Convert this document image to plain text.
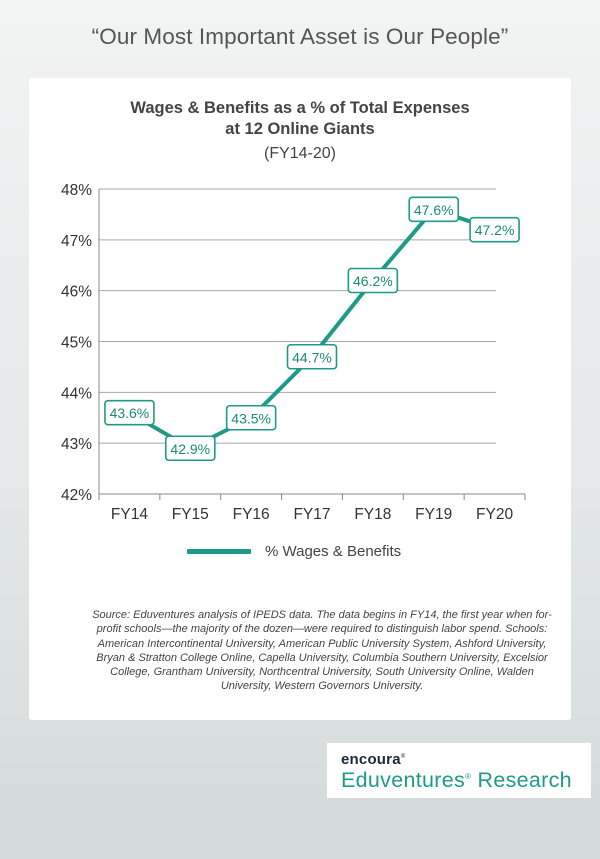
“Our Most Important Asset is Our People”
Wages & Benefits as a % of Total Expenses
at 12 Online Giants
(FY14-20)
42%
43%
44%
45%
46%
47%
48%
FY14 FY15 FY16 FY17 FY18 FY19 FY20
43.6%
42.9%
43.5%
44.7%
46.2%
47.6%
47.2%
% Wages & Benefits
Source: Eduventures analysis of IPEDS data. The data begins in FY14, the first year when for-profit schools—the majority of the dozen—were required to distinguish labor spend. Schools: American Intercontinental University, American Public University System, Ashford University, Bryan & Stratton College Online, Capella University, Columbia Southern University, Excelsior College, Grantham University, Northcentral University, South University Online, Walden University, Western Governors University.
encoura®
Eduventures® Research
